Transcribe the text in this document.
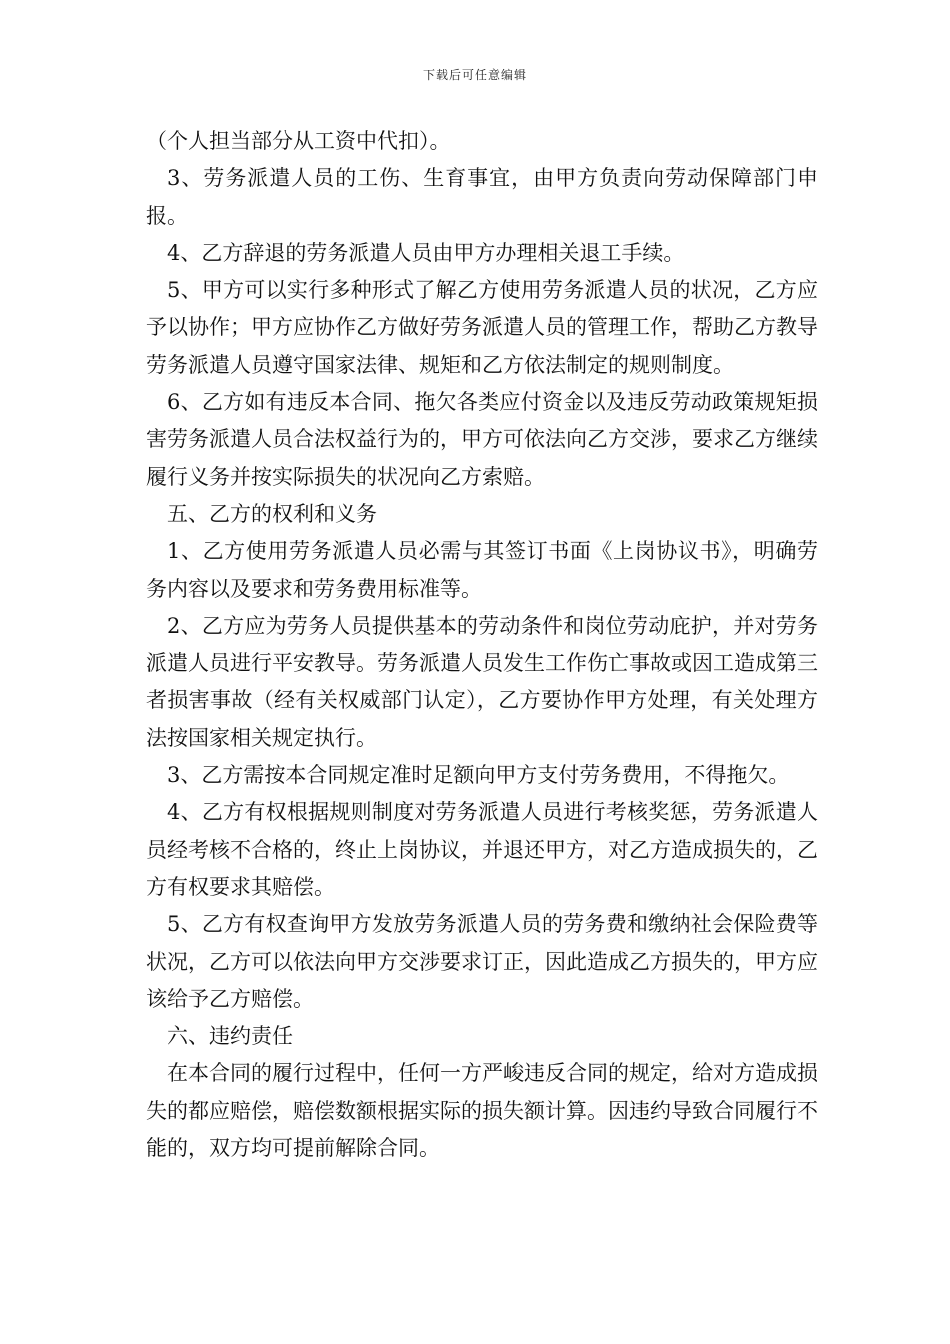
下载后可任意编辑

（个人担当部分从工资中代扣）。

3、劳务派遣人员的工伤、生育事宜，由甲方负责向劳动保障部门申报。

4、乙方辞退的劳务派遣人员由甲方办理相关退工手续。

5、甲方可以实行多种形式了解乙方使用劳务派遣人员的状况，乙方应予以协作；甲方应协作乙方做好劳务派遣人员的管理工作，帮助乙方教导劳务派遣人员遵守国家法律、规矩和乙方依法制定的规则制度。

6、乙方如有违反本合同、拖欠各类应付资金以及违反劳动政策规矩损害劳务派遣人员合法权益行为的，甲方可依法向乙方交涉，要求乙方继续履行义务并按实际损失的状况向乙方索赔。

五、乙方的权利和义务

1、乙方使用劳务派遣人员必需与其签订书面《上岗协议书》，明确劳务内容以及要求和劳务费用标准等。

2、乙方应为劳务人员提供基本的劳动条件和岗位劳动庇护，并对劳务派遣人员进行平安教导。劳务派遣人员发生工作伤亡事故或因工造成第三者损害事故（经有关权威部门认定），乙方要协作甲方处理，有关处理方法按国家相关规定执行。

3、乙方需按本合同规定准时足额向甲方支付劳务费用，不得拖欠。

4、乙方有权根据规则制度对劳务派遣人员进行考核奖惩，劳务派遣人员经考核不合格的，终止上岗协议，并退还甲方，对乙方造成损失的，乙方有权要求其赔偿。

5、乙方有权查询甲方发放劳务派遣人员的劳务费和缴纳社会保险费等状况，乙方可以依法向甲方交涉要求订正，因此造成乙方损失的，甲方应该给予乙方赔偿。

六、违约责任

在本合同的履行过程中，任何一方严峻违反合同的规定，给对方造成损失的都应赔偿，赔偿数额根据实际的损失额计算。因违约导致合同履行不能的，双方均可提前解除合同。
